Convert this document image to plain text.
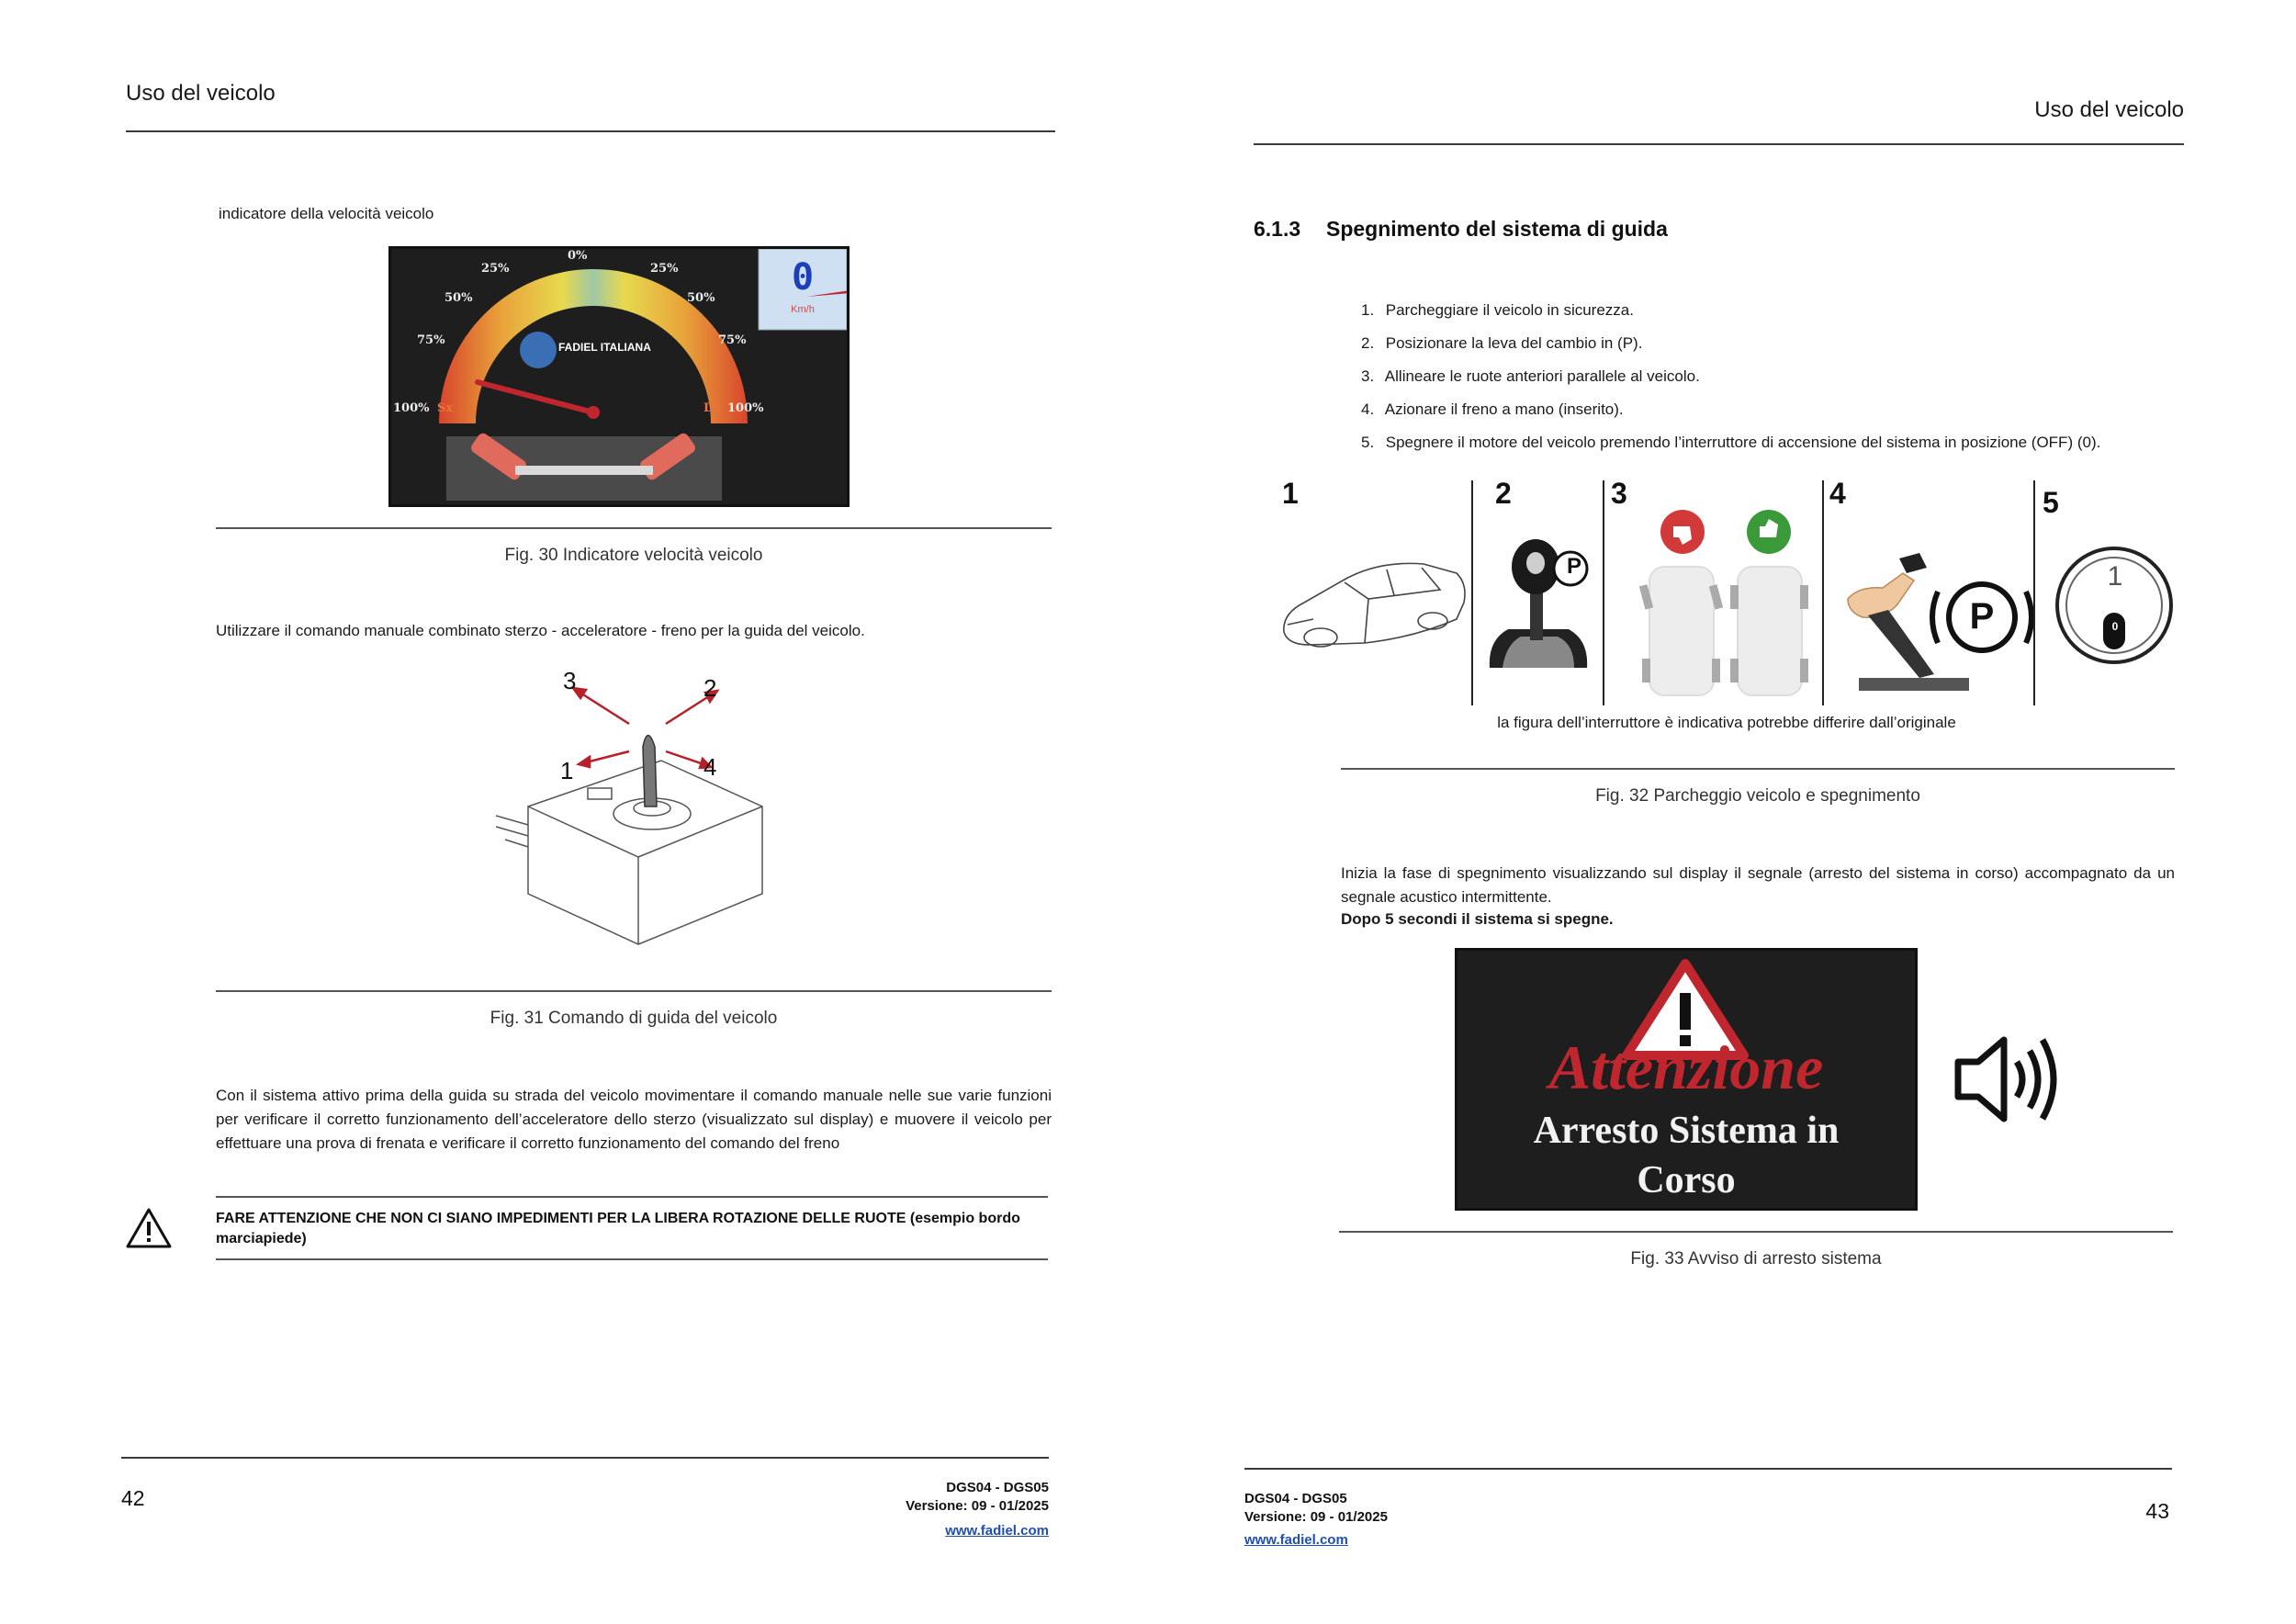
Uso del veicolo
indicatore della velocità veicolo
0%
25%	25%
50%	50%
75%	75%
100%	100%
Sx	Dx
FADIEL ITALIANA
0
Km/h
Fig. 30 Indicatore velocità veicolo
Utilizzare il comando manuale combinato sterzo - acceleratore - freno per la guida del veicolo.
3	2
1	4
Fig. 31 Comando di guida del veicolo
Con il sistema attivo prima della guida su strada del veicolo movimentare il comando manuale nelle sue varie funzioni per verificare il corretto funzionamento dell’acceleratore dello sterzo (visualizzato sul display) e muovere il veicolo per effettuare una prova di frenata e verificare il corretto funzionamento del comando del freno
FARE ATTENZIONE CHE NON CI SIANO IMPEDIMENTI PER LA LIBERA ROTAZIONE DELLE RUOTE (esempio bordo marciapiede)
42	DGS04 - DGS05
Versione: 09 - 01/2025
www.fadiel.com
Uso del veicolo
6.1.3 Spegnimento del sistema di guida
1. Parcheggiare il veicolo in sicurezza.
2. Posizionare la leva del cambio in (P).
3. Allineare le ruote anteriori parallele al veicolo.
4. Azionare il freno a mano (inserito).
5. Spegnere il motore del veicolo premendo l’interruttore di accensione del sistema in posizione (OFF) (0).
1	2	3	4	5
P
P
1
0
la figura dell’interruttore è indicativa potrebbe differire dall’originale
Fig. 32 Parcheggio veicolo e spegnimento
Inizia la fase di spegnimento visualizzando sul display il segnale (arresto del sistema in corso) accompagnato da un segnale acustico intermittente.
Dopo 5 secondi il sistema si spegne.
Attenzione
Arresto Sistema in
Corso
Fig. 33 Avviso di arresto sistema
DGS04 - DGS05
Versione: 09 - 01/2025
www.fadiel.com
43
